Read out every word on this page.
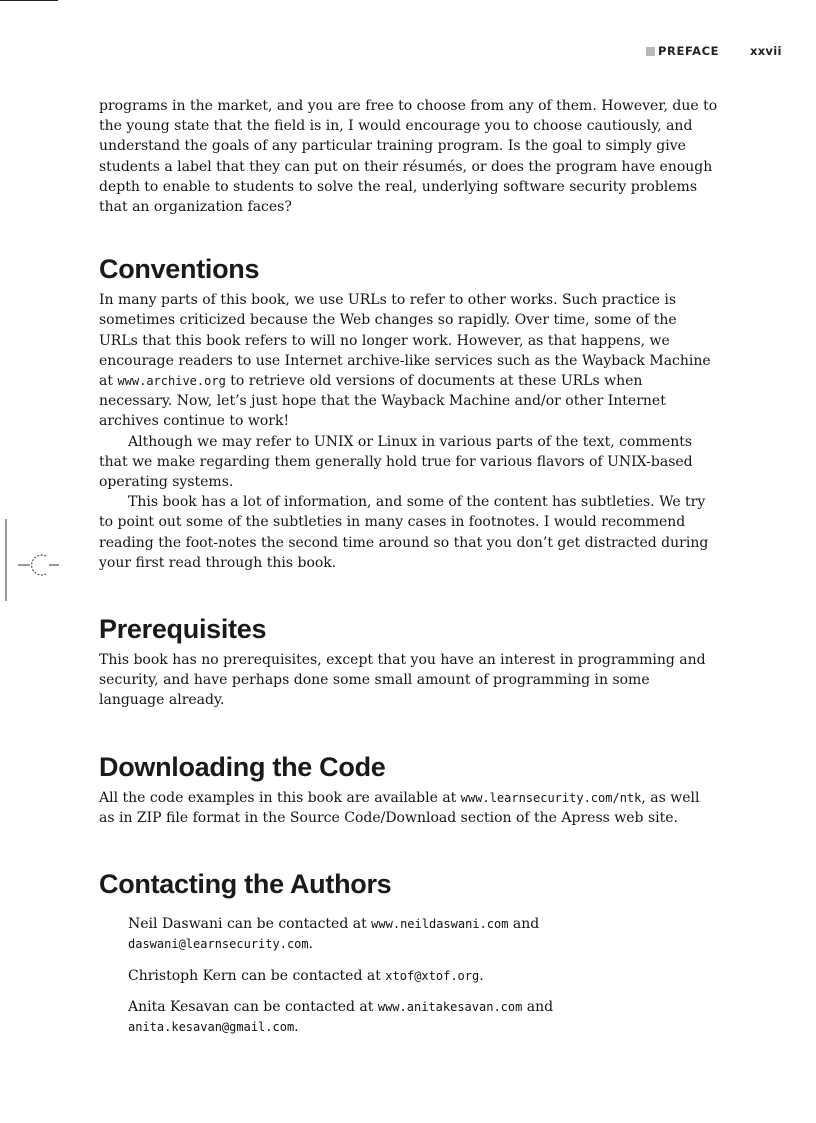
PREFACE	xxvii

programs in the market, and you are free to choose from any of them. However, due to the young state that the field is in, I would encourage you to choose cautiously, and understand the goals of any particular training program. Is the goal to simply give students a label that they can put on their résumés, or does the program have enough depth to enable to students to solve the real, underlying software security problems that an organization faces?

Conventions

In many parts of this book, we use URLs to refer to other works. Such practice is sometimes criticized because the Web changes so rapidly. Over time, some of the URLs that this book refers to will no longer work. However, as that happens, we encourage readers to use Internet archive-like services such as the Wayback Machine at www.archive.org to retrieve old versions of documents at these URLs when necessary. Now, let’s just hope that the Wayback Machine and/or other Internet archives continue to work!

Although we may refer to UNIX or Linux in various parts of the text, comments that we make regarding them generally hold true for various flavors of UNIX-based operating systems.

This book has a lot of information, and some of the content has subtleties. We try to point out some of the subtleties in many cases in footnotes. I would recommend reading the foot-notes the second time around so that you don’t get distracted during your first read through this book.

Prerequisites

This book has no prerequisites, except that you have an interest in programming and security, and have perhaps done some small amount of programming in some language already.

Downloading the Code

All the code examples in this book are available at www.learnsecurity.com/ntk, as well as in ZIP file format in the Source Code/Download section of the Apress web site.

Contacting the Authors

Neil Daswani can be contacted at www.neildaswani.com and daswani@learnsecurity.com.

Christoph Kern can be contacted at xtof@xtof.org.

Anita Kesavan can be contacted at www.anitakesavan.com and anita.kesavan@gmail.com.
